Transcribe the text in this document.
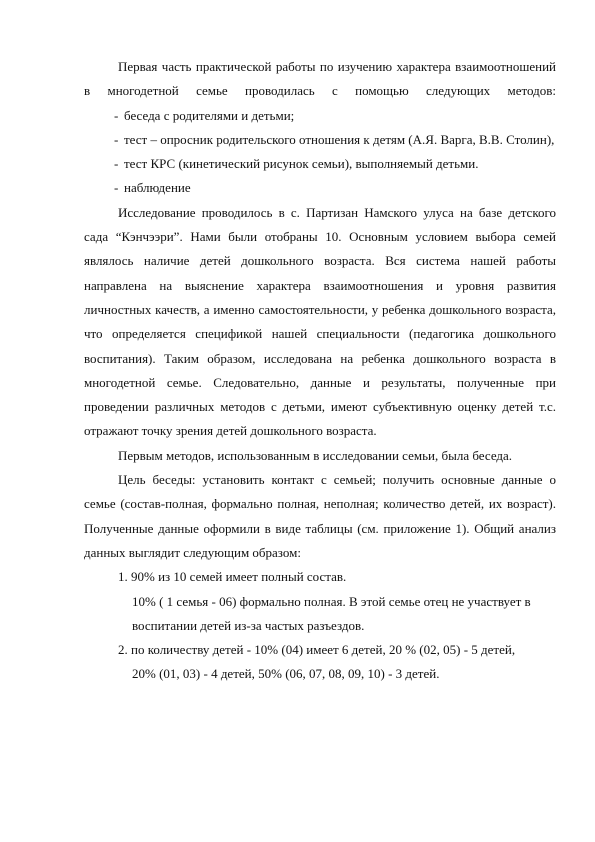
Первая часть практической работы по изучению характера взаимоотношений в многодетной семье проводилась с помощью следующих методов:

- беседа с родителями и детьми;
- тест – опросник родительского отношения к детям (А.Я. Варга, В.В. Столин),
- тест КРС (кинетический рисунок семьи), выполняемый детьми.
- наблюдение

Исследование проводилось в с. Партизан Намского улуса на базе детского сада “Кэнчээри”. Нами были отобраны 10. Основным условием выбора семей являлось наличие детей дошкольного возраста. Вся система нашей работы направлена на выяснение характера взаимоотношения и уровня развития личностных качеств, а именно самостоятельности, у ребенка дошкольного возраста, что определяется спецификой нашей специальности (педагогика дошкольного воспитания). Таким образом, исследована на ребенка дошкольного возраста в многодетной семье. Следовательно, данные и результаты, полученные при проведении различных методов с детьми, имеют субъективную оценку детей т.с. отражают точку зрения детей дошкольного возраста.

Первым методов, использованным в исследовании семьи, была беседа.

Цель беседы: установить контакт с семьей; получить основные данные о семье (состав-полная, формально полная, неполная; количество детей, их возраст). Полученные данные оформили в виде таблицы (см. приложение 1). Общий анализ данных выглядит следующим образом:

1. 90% из 10 семей имеет полный состав.
10% ( 1 семья - 06) формально полная. В этой семье отец не участвует в воспитании детей из-за частых разъездов.
2. по количеству детей - 10% (04) имеет 6 детей, 20 % (02, 05) - 5 детей,
20% (01, 03) - 4 детей, 50% (06, 07, 08, 09, 10) - 3 детей.
